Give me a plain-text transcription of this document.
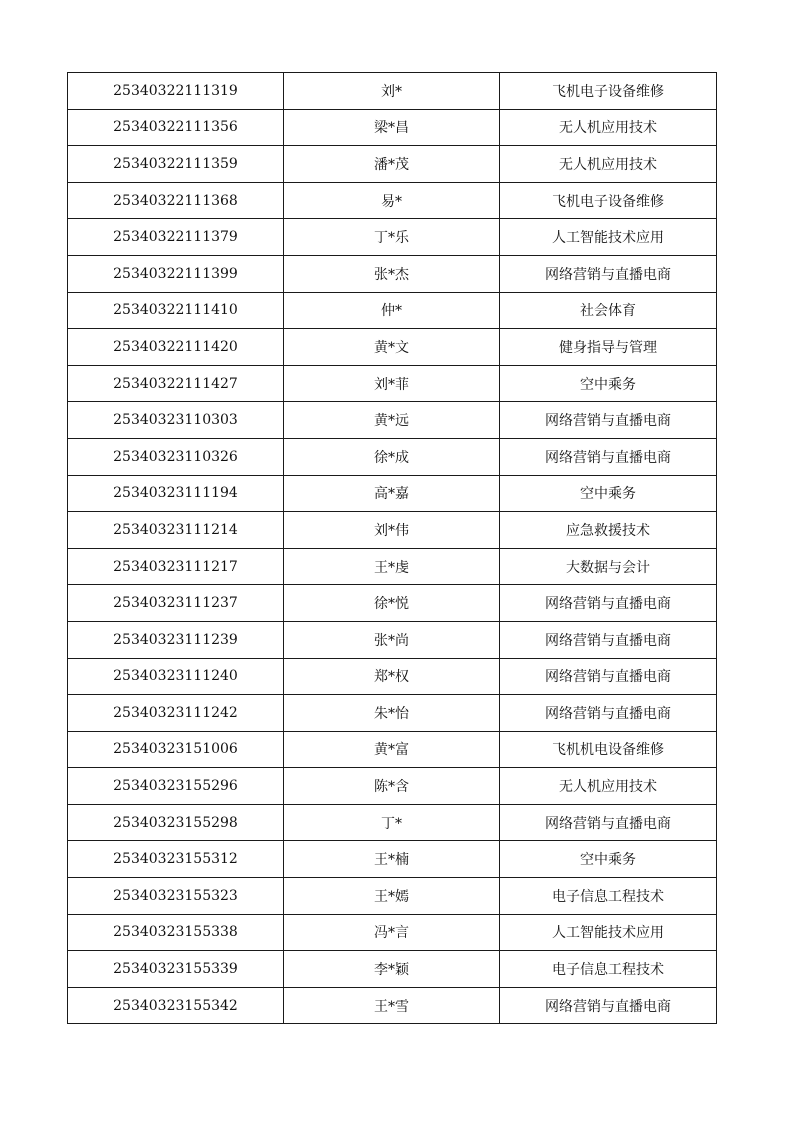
25340322111319	刘*	飞机电子设备维修
25340322111356	梁*昌	无人机应用技术
25340322111359	潘*茂	无人机应用技术
25340322111368	易*	飞机电子设备维修
25340322111379	丁*乐	人工智能技术应用
25340322111399	张*杰	网络营销与直播电商
25340322111410	仲*	社会体育
25340322111420	黄*文	健身指导与管理
25340322111427	刘*菲	空中乘务
25340323110303	黄*远	网络营销与直播电商
25340323110326	徐*成	网络营销与直播电商
25340323111194	高*嘉	空中乘务
25340323111214	刘*伟	应急救援技术
25340323111217	王*虔	大数据与会计
25340323111237	徐*悦	网络营销与直播电商
25340323111239	张*尚	网络营销与直播电商
25340323111240	郑*权	网络营销与直播电商
25340323111242	朱*怡	网络营销与直播电商
25340323151006	黄*富	飞机机电设备维修
25340323155296	陈*含	无人机应用技术
25340323155298	丁*	网络营销与直播电商
25340323155312	王*楠	空中乘务
25340323155323	王*嫣	电子信息工程技术
25340323155338	冯*言	人工智能技术应用
25340323155339	李*颖	电子信息工程技术
25340323155342	王*雪	网络营销与直播电商
